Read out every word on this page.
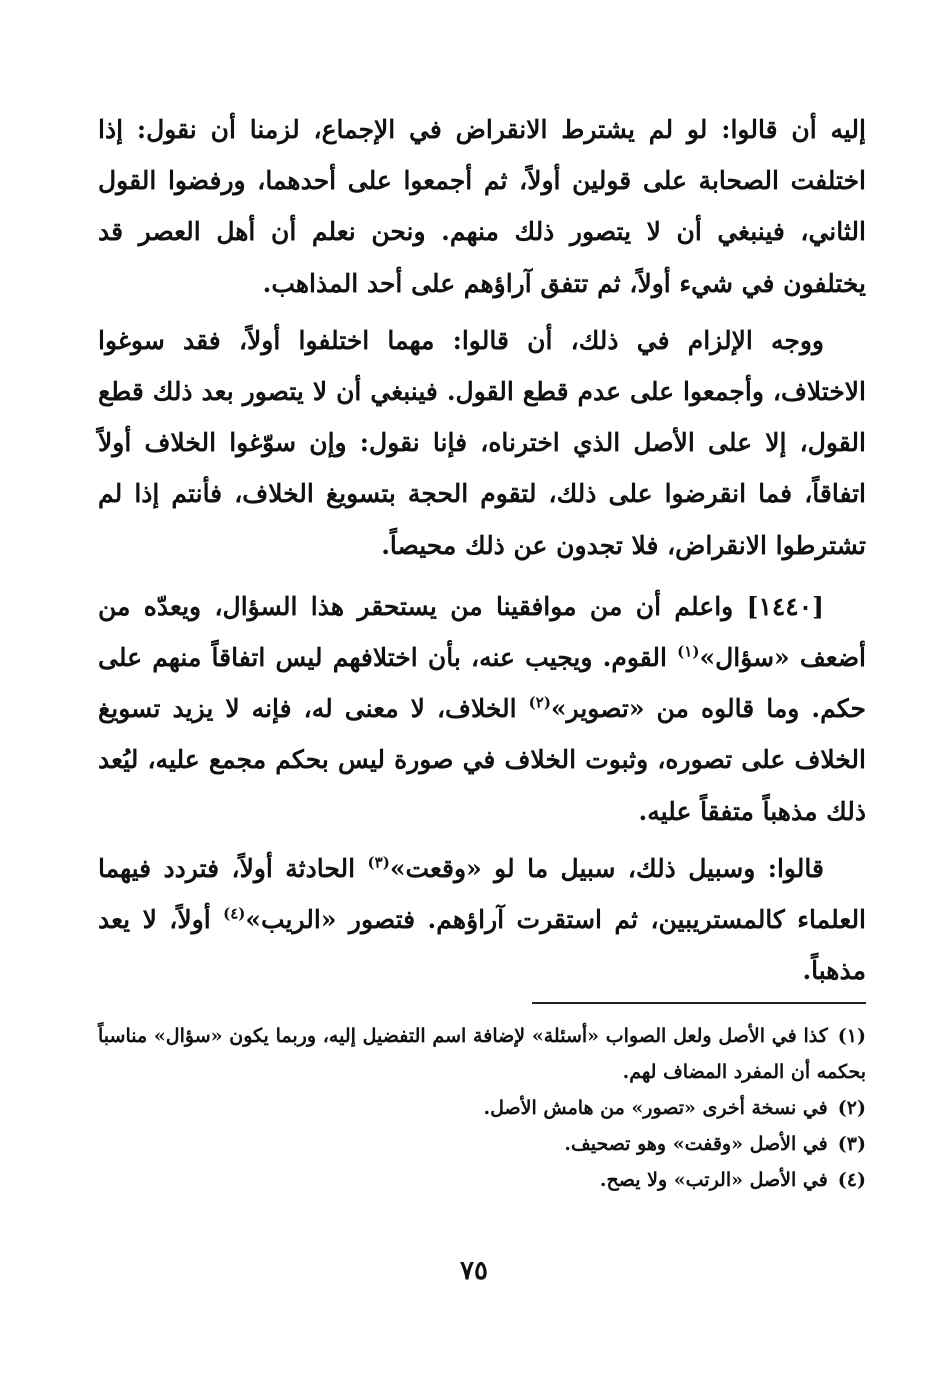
إليه أن قالوا: لو لم يشترط الانقراض في الإجماع، لزمنا أن نقول: إذا اختلفت الصحابة على قولين أولاً، ثم أجمعوا على أحدهما، ورفضوا القول الثاني، فينبغي أن لا يتصور ذلك منهم. ونحن نعلم أن أهل العصر قد يختلفون في شيء أولاً، ثم تتفق آراؤهم على أحد المذاهب.

ووجه الإلزام في ذلك، أن قالوا: مهما اختلفوا أولاً، فقد سوغوا الاختلاف، وأجمعوا على عدم قطع القول. فينبغي أن لا يتصور بعد ذلك قطع القول، إلا على الأصل الذي اخترناه، فإنا نقول: وإن سوّغوا الخلاف أولاً اتفاقاً، فما انقرضوا على ذلك، لتقوم الحجة بتسويغ الخلاف، فأنتم إذا لم تشترطوا الانقراض، فلا تجدون عن ذلك محيصاً.

[١٤٤٠] واعلم أن من موافقينا من يستحقر هذا السؤال، ويعدّه من أضعف «سؤال»$^{(١)}$ القوم. ويجيب عنه، بأن اختلافهم ليس اتفاقاً منهم على حكم. وما قالوه من «تصوير»$^{(٢)}$ الخلاف، لا معنى له، فإنه لا يزيد تسويغ الخلاف على تصوره، وثبوت الخلاف في صورة ليس بحكم مجمع عليه، ليُعد ذلك مذهباً متفقاً عليه.

قالوا: وسبيل ذلك، سبيل ما لو «وقعت»$^{(٣)}$ الحادثة أولاً، فتردد فيهما العلماء كالمستريبين، ثم استقرت آراؤهم. فتصور «الريب»$^{(٤)}$ أولاً، لا يعد مذهباً.

(١)كذا في الأصل ولعل الصواب «أسئلة» لإضافة اسم التفضيل إليه، وربما يكون «سؤال» مناسباً بحكمه أن المفرد المضاف لهم.

(٢)في نسخة أخرى «تصور» من هامش الأصل.

(٣)في الأصل «وقفت» وهو تصحيف.

(٤)في الأصل «الرتب» ولا يصح.

٧٥
